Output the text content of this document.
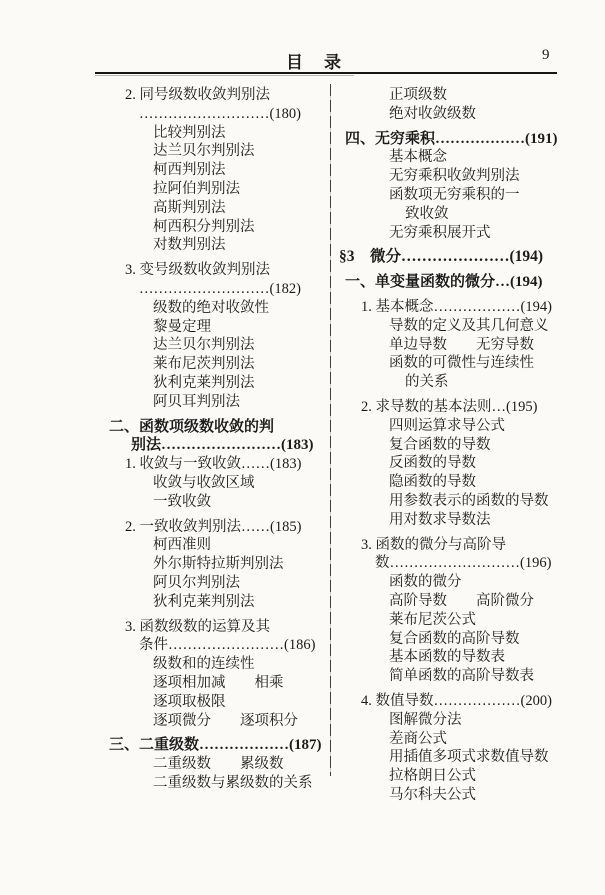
目　录	9
2. 同号级数收敛判别法
………………………(180)
比较判别法
达兰贝尔判别法
柯西判别法
拉阿伯判别法
高斯判别法
柯西积分判别法
对数判别法
3. 变号级数收敛判别法
………………………(182)
级数的绝对收敛性
黎曼定理
达兰贝尔判别法
莱布尼茨判别法
狄利克莱判别法
阿贝耳判别法
二、函数项级数收敛的判
别法……………………(183)
1. 收敛与一致收敛……(183)
收敛与收敛区域
一致收敛
2. 一致收敛判别法……(185)
柯西准则
外尔斯特拉斯判别法
阿贝尔判别法
狄利克莱判别法
3. 函数级数的运算及其
条件……………………(186)
级数和的连续性
逐项相加减　　相乘
逐项取极限
逐项微分　　逐项积分
三、二重级数………………(187)
二重级数　　累级数
二重级数与累级数的关系
正项级数
绝对收敛级数
四、无穷乘积………………(191)
基本概念
无穷乘积收敛判别法
函数项无穷乘积的一
致收敛
无穷乘积展开式
§3　微分…………………(194)
一、单变量函数的微分…(194)
1. 基本概念………………(194)
导数的定义及其几何意义
单边导数　　无穷导数
函数的可微性与连续性
的关系
2. 求导数的基本法则…(195)
四则运算求导公式
复合函数的导数
反函数的导数
隐函数的导数
用参数表示的函数的导数
用对数求导数法
3. 函数的微分与高阶导
数………………………(196)
函数的微分
高阶导数　　高阶微分
莱布尼茨公式
复合函数的高阶导数
基本函数的导数表
简单函数的高阶导数表
4. 数值导数………………(200)
图解微分法
差商公式
用插值多项式求数值导数
拉格朗日公式
马尔科夫公式
